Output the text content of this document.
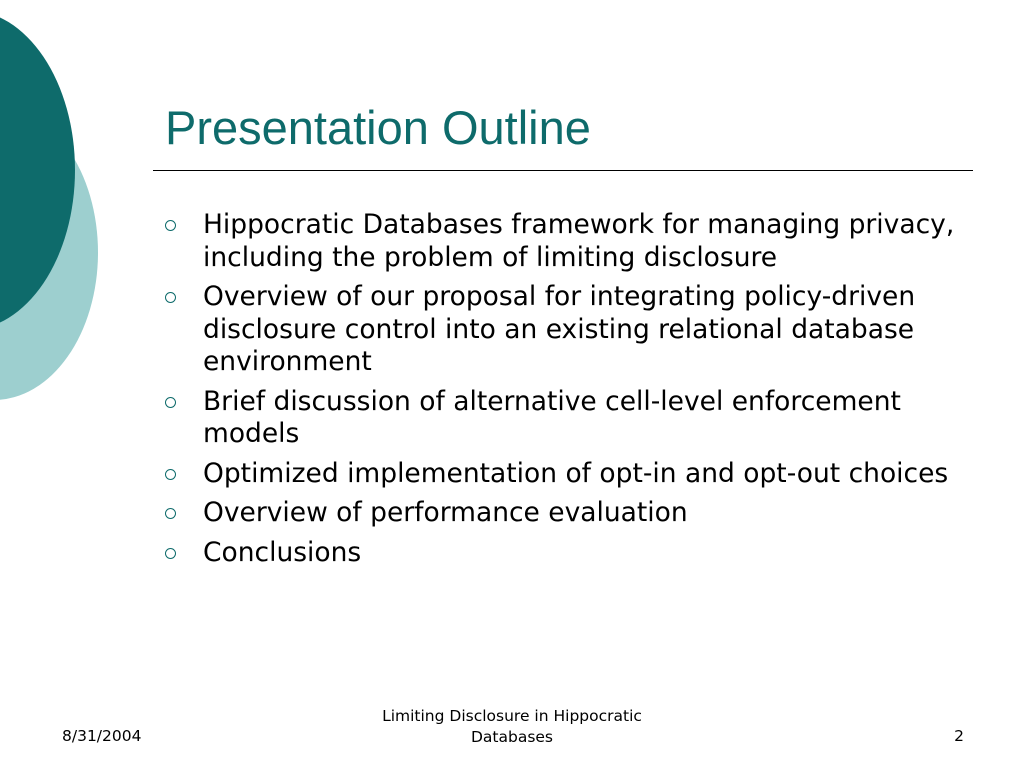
Presentation Outline
Hippocratic Databases framework for managing privacy, including the problem of limiting disclosure
Overview of our proposal for integrating policy-driven disclosure control into an existing relational database environment
Brief discussion of alternative cell-level enforcement models
Optimized implementation of opt-in and opt-out choices
Overview of performance evaluation
Conclusions
8/31/2004
Limiting Disclosure in Hippocratic Databases	2
